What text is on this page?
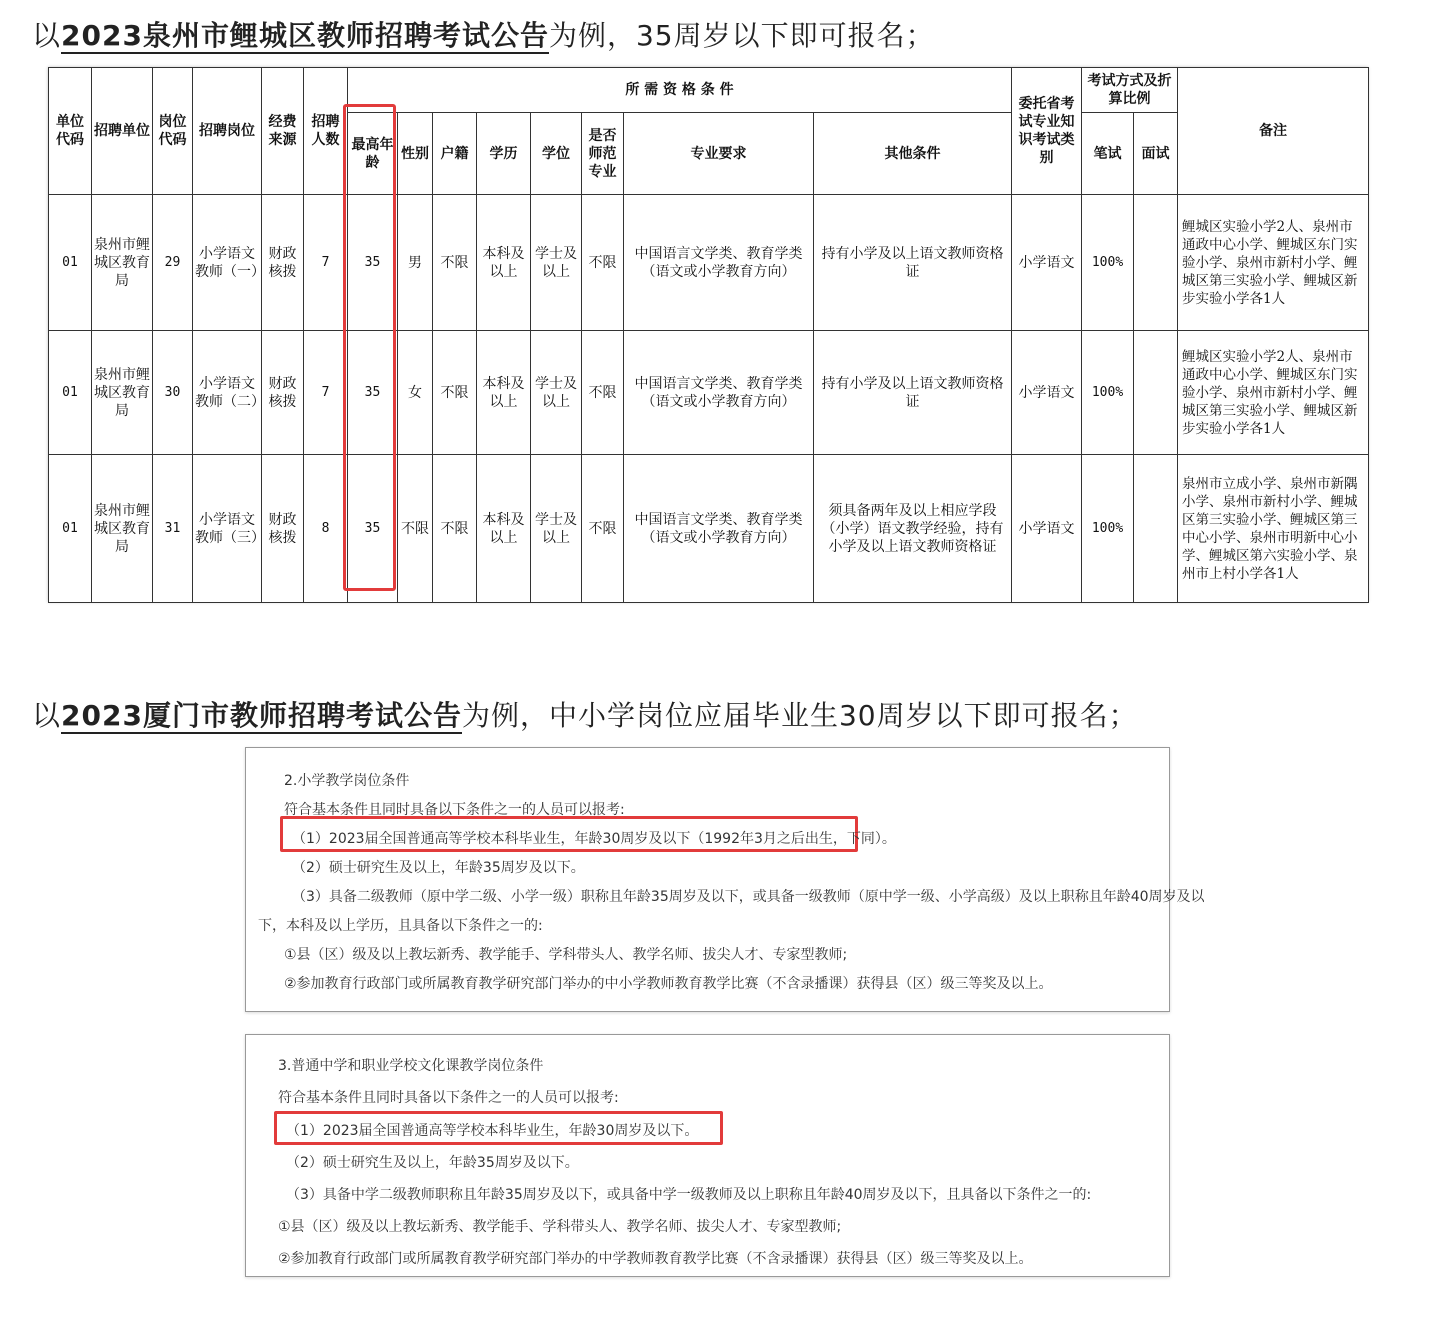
以2023泉州市鲤城区教师招聘考试公告为例，35周岁以下即可报名；
单位代码	招聘单位	岗位代码	招聘岗位	经费来源	招聘人数	所 需 资 格 条 件								委托省考试专业知识考试类别	考试方式及折算比例		备注
						最高年龄	性别	户籍	学历	学位	是否师范专业	专业要求	其他条件		笔试	面试	
01	泉州市鲤城区教育局	29	小学语文教师（一）	财政核拨	7	35	男	不限	本科及以上	学士及以上	不限	中国语言文学类、教育学类（语文或小学教育方向）	持有小学及以上语文教师资格证	小学语文	100%		鲤城区实验小学2人、泉州市通政中心小学、鲤城区东门实验小学、泉州市新村小学、鲤城区第三实验小学、鲤城区新步实验小学各1人
01	泉州市鲤城区教育局	30	小学语文教师（二）	财政核拨	7	35	女	不限	本科及以上	学士及以上	不限	中国语言文学类、教育学类（语文或小学教育方向）	持有小学及以上语文教师资格证	小学语文	100%		鲤城区实验小学2人、泉州市通政中心小学、鲤城区东门实验小学、泉州市新村小学、鲤城区第三实验小学、鲤城区新步实验小学各1人
01	泉州市鲤城区教育局	31	小学语文教师（三）	财政核拨	8	35	不限	不限	本科及以上	学士及以上	不限	中国语言文学类、教育学类（语文或小学教育方向）	须具备两年及以上相应学段（小学）语文教学经验，持有小学及以上语文教师资格证	小学语文	100%		泉州市立成小学、泉州市新隅小学、泉州市新村小学、鲤城区第三实验小学、鲤城区第三中心小学、泉州市明新中心小学、鲤城区第六实验小学、泉州市上村小学各1人
以2023厦门市教师招聘考试公告为例，中小学岗位应届毕业生30周岁以下即可报名；
2.小学教学岗位条件
符合基本条件且同时具备以下条件之一的人员可以报考:
（1）2023届全国普通高等学校本科毕业生，年龄30周岁及以下（1992年3月之后出生，下同）。
（2）硕士研究生及以上，年龄35周岁及以下。
（3）具备二级教师（原中学二级、小学一级）职称且年龄35周岁及以下，或具备一级教师（原中学一级、小学高级）及以上职称且年龄40周岁及以
下，本科及以上学历，且具备以下条件之一的:
①县（区）级及以上教坛新秀、教学能手、学科带头人、教学名师、拔尖人才、专家型教师;
②参加教育行政部门或所属教育教学研究部门举办的中小学教师教育教学比赛（不含录播课）获得县（区）级三等奖及以上。
3.普通中学和职业学校文化课教学岗位条件
符合基本条件且同时具备以下条件之一的人员可以报考:
（1）2023届全国普通高等学校本科毕业生，年龄30周岁及以下。
（2）硕士研究生及以上，年龄35周岁及以下。
（3）具备中学二级教师职称且年龄35周岁及以下，或具备中学一级教师及以上职称且年龄40周岁及以下，且具备以下条件之一的:
①县（区）级及以上教坛新秀、教学能手、学科带头人、教学名师、拔尖人才、专家型教师;
②参加教育行政部门或所属教育教学研究部门举办的中学教师教育教学比赛（不含录播课）获得县（区）级三等奖及以上。
